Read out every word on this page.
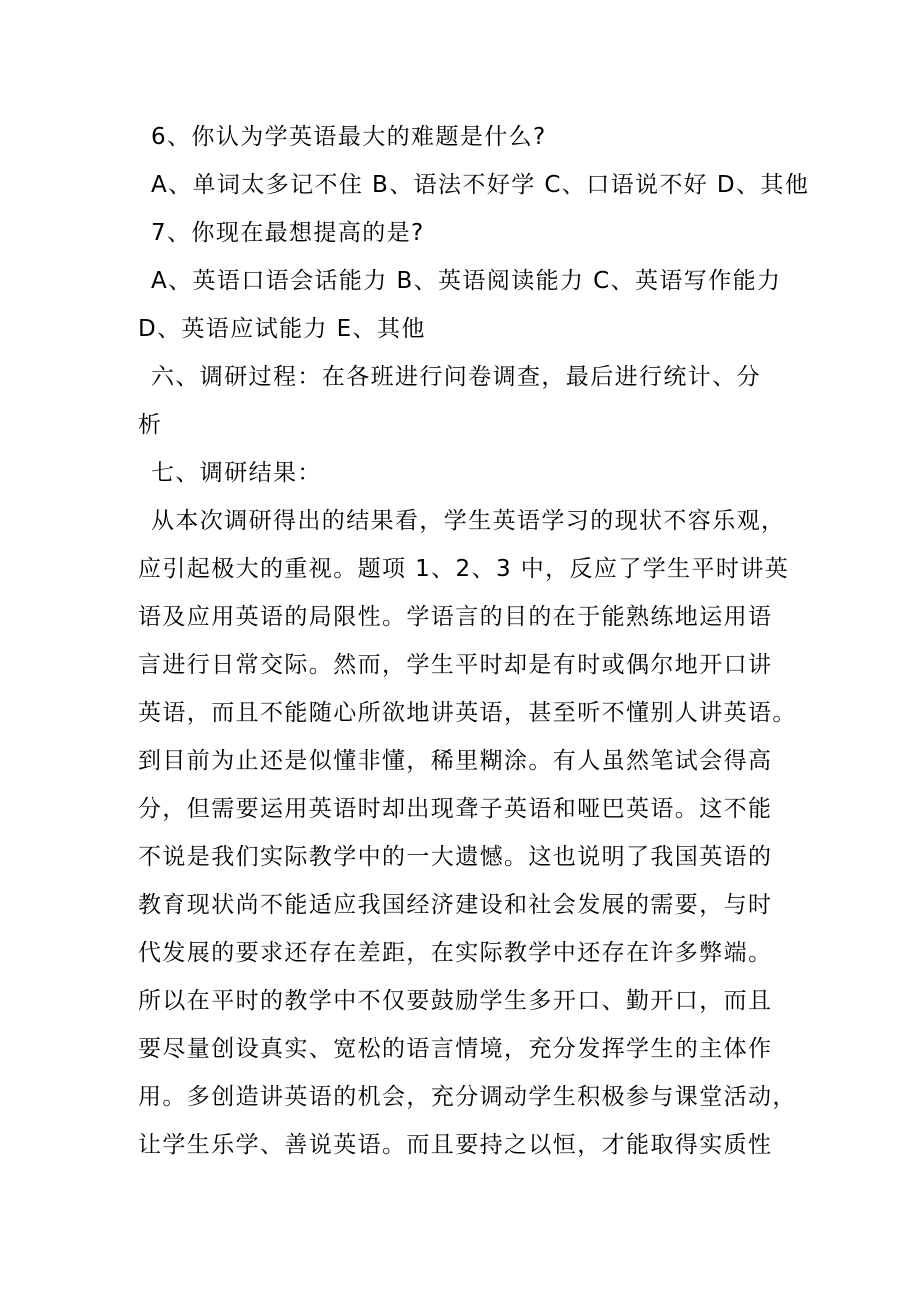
6、你认为学英语最大的难题是什么?
A、单词太多记不住 B、语法不好学 C、口语说不好 D、其他
7、你现在最想提高的是?
A、英语口语会话能力 B、英语阅读能力 C、英语写作能力
D、英语应试能力 E、其他
六、调研过程：在各班进行问卷调查，最后进行统计、分
析
七、调研结果：
从本次调研得出的结果看，学生英语学习的现状不容乐观，
应引起极大的重视。题项 1、2、3 中，反应了学生平时讲英
语及应用英语的局限性。学语言的目的在于能熟练地运用语
言进行日常交际。然而，学生平时却是有时或偶尔地开口讲
英语，而且不能随心所欲地讲英语，甚至听不懂别人讲英语。
到目前为止还是似懂非懂，稀里糊涂。有人虽然笔试会得高
分，但需要运用英语时却出现聋子英语和哑巴英语。这不能
不说是我们实际教学中的一大遗憾。这也说明了我国英语的
教育现状尚不能适应我国经济建设和社会发展的需要，与时
代发展的要求还存在差距，在实际教学中还存在许多弊端。
所以在平时的教学中不仅要鼓励学生多开口、勤开口，而且
要尽量创设真实、宽松的语言情境，充分发挥学生的主体作
用。多创造讲英语的机会，充分调动学生积极参与课堂活动，
让学生乐学、善说英语。而且要持之以恒，才能取得实质性
